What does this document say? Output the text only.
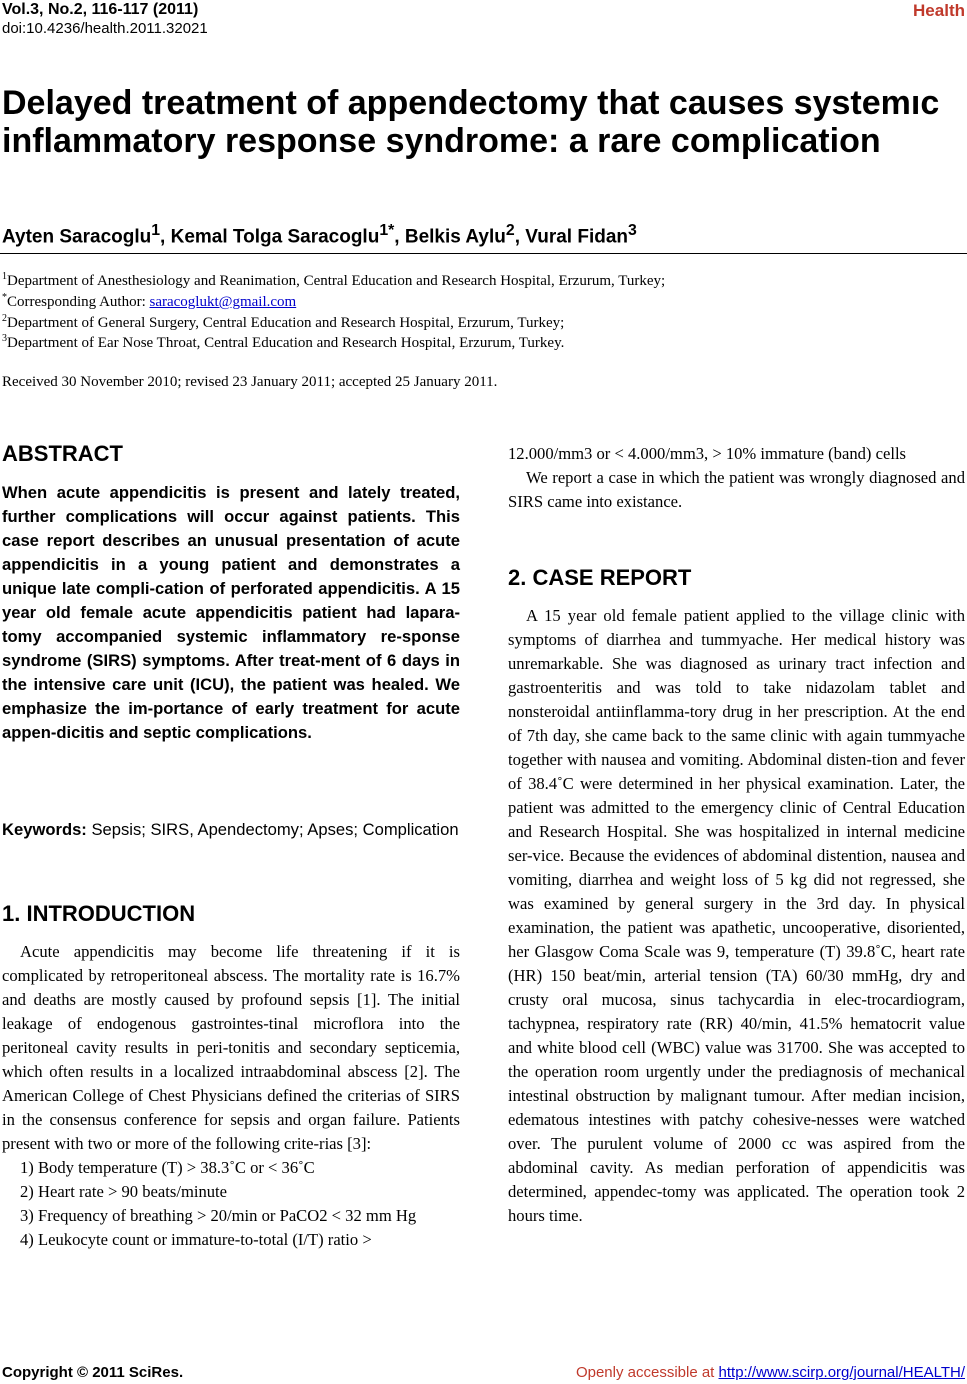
Vol.3, No.2, 116-117 (2011)
doi:10.4236/health.2011.32021
Health
Delayed treatment of appendectomy that causes systemıc inflammatory response syndrome: a rare complication
Ayten Saracoglu$^1$, Kemal Tolga Saracoglu$^{1*}$, Belkis Aylu$^2$, Vural Fidan$^3$
$^1$Department of Anesthesiology and Reanimation, Central Education and Research Hospital, Erzurum, Turkey;
*Corresponding Author: saracoglukt@gmail.com
$^2$Department of General Surgery, Central Education and Research Hospital, Erzurum, Turkey;
$^3$Department of Ear Nose Throat, Central Education and Research Hospital, Erzurum, Turkey.
Received 30 November 2010; revised 23 January 2011; accepted 25 January 2011.
ABSTRACT
When acute appendicitis is present and lately treated, further complications will occur against patients. This case report describes an unusual presentation of acute appendicitis in a young patient and demonstrates a unique late compli-cation of perforated appendicitis. A 15 year old female acute appendicitis patient had lapara-tomy accompanied systemic inflammatory re-sponse syndrome (SIRS) symptoms. After treat-ment of 6 days in the intensive care unit (ICU), the patient was healed. We emphasize the im-portance of early treatment for acute appen-dicitis and septic complications.
Keywords: Sepsis; SIRS, Apendectomy; Apses; Complication
1. INTRODUCTION

Acute appendicitis may become life threatening if it is complicated by retroperitoneal abscess. The mortality rate is 16.7% and deaths are mostly caused by profound sepsis [1]. The initial leakage of endogenous gastrointes-tinal microflora into the peritoneal cavity results in peri-tonitis and secondary septicemia, which often results in a localized intraabdominal abscess [2]. The American College of Chest Physicians defined the criterias of SIRS in the consensus conference for sepsis and organ failure. Patients present with two or more of the following crite-rias [3]:

1) Body temperature (T) > 38.3˚C or < 36˚C

2) Heart rate > 90 beats/minute

3) Frequency of breathing > 20/min or PaCO2 < 32 mm Hg

4) Leukocyte count or immature-to-total (I/T) ratio >

12.000/mm3 or < 4.000/mm3, > 10% immature (band) cells

We report a case in which the patient was wrongly diagnosed and SIRS came into existance.

2. CASE REPORT

A 15 year old female patient applied to the village clinic with symptoms of diarrhea and tummyache. Her medical history was unremarkable. She was diagnosed as urinary tract infection and gastroenteritis and was told to take nidazolam tablet and nonsteroidal antiinflamma-tory drug in her prescription. At the end of 7th day, she came back to the same clinic with again tummyache together with nausea and vomiting. Abdominal disten-tion and fever of 38.4˚C were determined in her physical examination. Later, the patient was admitted to the emergency clinic of Central Education and Research Hospital. She was hospitalized in internal medicine ser-vice. Because the evidences of abdominal distention, nausea and vomiting, diarrhea and weight loss of 5 kg did not regressed, she was examined by general surgery in the 3rd day. In physical examination, the patient was apathetic, uncooperative, disoriented, her Glasgow Coma Scale was 9, temperature (T) 39.8˚C, heart rate (HR) 150 beat/min, arterial tension (TA) 60/30 mmHg, dry and crusty oral mucosa, sinus tachycardia in elec-trocardiogram, tachypnea, respiratory rate (RR) 40/min, 41.5% hematocrit value and white blood cell (WBC) value was 31700. She was accepted to the operation room urgently under the prediagnosis of mechanical intestinal obstruction by malignant tumour. After median incision, edematous intestines with patchy cohesive-nesses were watched over. The purulent volume of 2000 cc was aspired from the abdominal cavity. As median perforation of appendicitis was determined, appendec-tomy was applicated. The operation took 2 hours time.

Copyright © 2011 SciRes.	Openly accessible at http://www.scirp.org/journal/HEALTH/
